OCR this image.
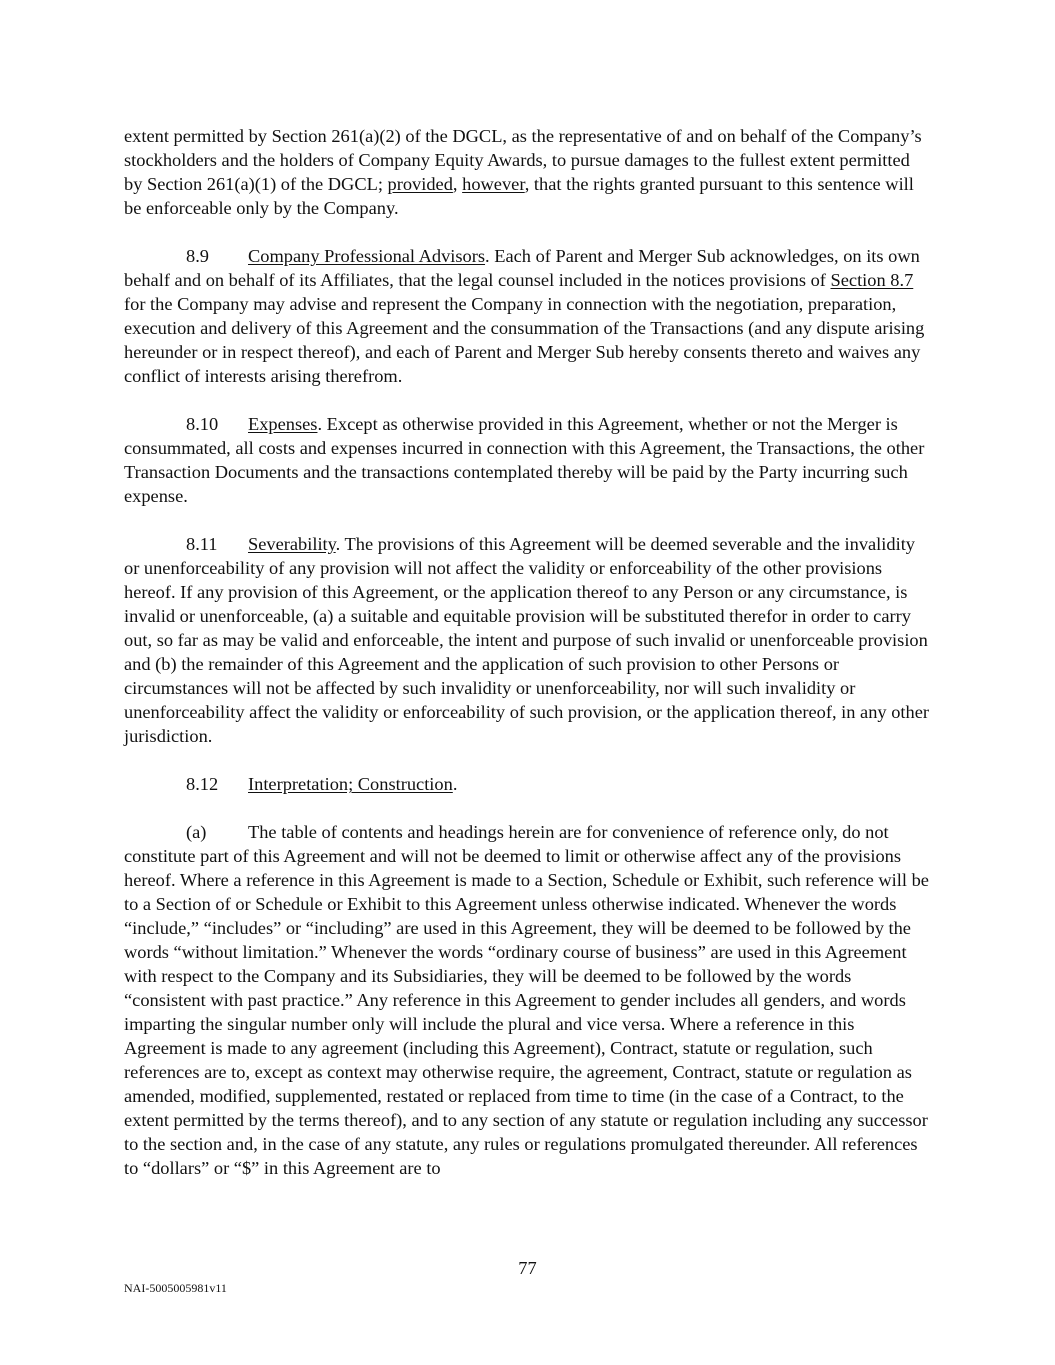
extent permitted by Section 261(a)(2) of the DGCL, as the representative of and on behalf of the Company’s stockholders and the holders of Company Equity Awards, to pursue damages to the fullest extent permitted by Section 261(a)(1) of the DGCL; provided, however, that the rights granted pursuant to this sentence will be enforceable only by the Company.

8.9 Company Professional Advisors. Each of Parent and Merger Sub acknowledges, on its own behalf and on behalf of its Affiliates, that the legal counsel included in the notices provisions of Section 8.7 for the Company may advise and represent the Company in connection with the negotiation, preparation, execution and delivery of this Agreement and the consummation of the Transactions (and any dispute arising hereunder or in respect thereof), and each of Parent and Merger Sub hereby consents thereto and waives any conflict of interests arising therefrom.

8.10 Expenses. Except as otherwise provided in this Agreement, whether or not the Merger is consummated, all costs and expenses incurred in connection with this Agreement, the Transactions, the other Transaction Documents and the transactions contemplated thereby will be paid by the Party incurring such expense.

8.11 Severability. The provisions of this Agreement will be deemed severable and the invalidity or unenforceability of any provision will not affect the validity or enforceability of the other provisions hereof. If any provision of this Agreement, or the application thereof to any Person or any circumstance, is invalid or unenforceable, (a) a suitable and equitable provision will be substituted therefor in order to carry out, so far as may be valid and enforceable, the intent and purpose of such invalid or unenforceable provision and (b) the remainder of this Agreement and the application of such provision to other Persons or circumstances will not be affected by such invalidity or unenforceability, nor will such invalidity or unenforceability affect the validity or enforceability of such provision, or the application thereof, in any other jurisdiction.

8.12 Interpretation; Construction.

(a) The table of contents and headings herein are for convenience of reference only, do not constitute part of this Agreement and will not be deemed to limit or otherwise affect any of the provisions hereof. Where a reference in this Agreement is made to a Section, Schedule or Exhibit, such reference will be to a Section of or Schedule or Exhibit to this Agreement unless otherwise indicated. Whenever the words “include,” “includes” or “including” are used in this Agreement, they will be deemed to be followed by the words “without limitation.” Whenever the words “ordinary course of business” are used in this Agreement with respect to the Company and its Subsidiaries, they will be deemed to be followed by the words “consistent with past practice.” Any reference in this Agreement to gender includes all genders, and words imparting the singular number only will include the plural and vice versa. Where a reference in this Agreement is made to any agreement (including this Agreement), Contract, statute or regulation, such references are to, except as context may otherwise require, the agreement, Contract, statute or regulation as amended, modified, supplemented, restated or replaced from time to time (in the case of a Contract, to the extent permitted by the terms thereof), and to any section of any statute or regulation including any successor to the section and, in the case of any statute, any rules or regulations promulgated thereunder. All references to “dollars” or “$” in this Agreement are to

77
NAI-5005005981v11
